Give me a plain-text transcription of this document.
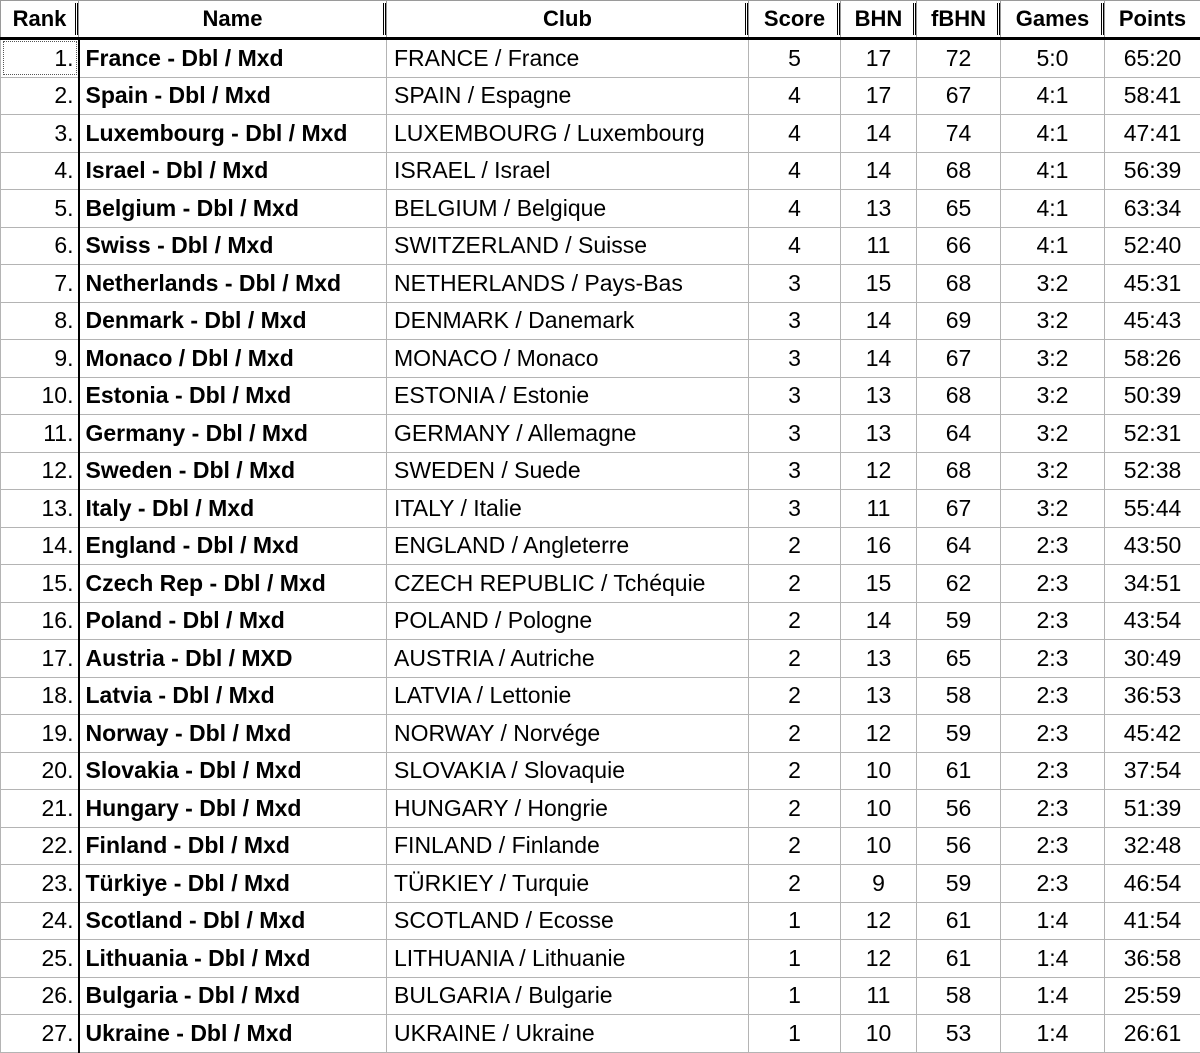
Rank	Name	Club	Score	BHN	fBHN	Games	Points
1.	France - Dbl / Mxd	FRANCE / France	5	17	72	5:0	65:20
2.	Spain - Dbl / Mxd	SPAIN / Espagne	4	17	67	4:1	58:41
3.	Luxembourg - Dbl / Mxd	LUXEMBOURG / Luxembourg	4	14	74	4:1	47:41
4.	Israel - Dbl / Mxd	ISRAEL / Israel	4	14	68	4:1	56:39
5.	Belgium - Dbl / Mxd	BELGIUM / Belgique	4	13	65	4:1	63:34
6.	Swiss - Dbl / Mxd	SWITZERLAND / Suisse	4	11	66	4:1	52:40
7.	Netherlands - Dbl / Mxd	NETHERLANDS / Pays-Bas	3	15	68	3:2	45:31
8.	Denmark - Dbl / Mxd	DENMARK / Danemark	3	14	69	3:2	45:43
9.	Monaco / Dbl / Mxd	MONACO / Monaco	3	14	67	3:2	58:26
10.	Estonia - Dbl / Mxd	ESTONIA / Estonie	3	13	68	3:2	50:39
11.	Germany - Dbl / Mxd	GERMANY / Allemagne	3	13	64	3:2	52:31
12.	Sweden - Dbl / Mxd	SWEDEN / Suede	3	12	68	3:2	52:38
13.	Italy - Dbl / Mxd	ITALY / Italie	3	11	67	3:2	55:44
14.	England - Dbl / Mxd	ENGLAND / Angleterre	2	16	64	2:3	43:50
15.	Czech Rep - Dbl / Mxd	CZECH REPUBLIC / Tchéquie	2	15	62	2:3	34:51
16.	Poland - Dbl / Mxd	POLAND / Pologne	2	14	59	2:3	43:54
17.	Austria - Dbl / MXD	AUSTRIA / Autriche	2	13	65	2:3	30:49
18.	Latvia - Dbl / Mxd	LATVIA / Lettonie	2	13	58	2:3	36:53
19.	Norway - Dbl / Mxd	NORWAY / Norvége	2	12	59	2:3	45:42
20.	Slovakia - Dbl / Mxd	SLOVAKIA / Slovaquie	2	10	61	2:3	37:54
21.	Hungary - Dbl / Mxd	HUNGARY / Hongrie	2	10	56	2:3	51:39
22.	Finland - Dbl / Mxd	FINLAND / Finlande	2	10	56	2:3	32:48
23.	Türkiye - Dbl / Mxd	TÜRKIEY / Turquie	2	9	59	2:3	46:54
24.	Scotland - Dbl / Mxd	SCOTLAND / Ecosse	1	12	61	1:4	41:54
25.	Lithuania - Dbl / Mxd	LITHUANIA / Lithuanie	1	12	61	1:4	36:58
26.	Bulgaria - Dbl / Mxd	BULGARIA / Bulgarie	1	11	58	1:4	25:59
27.	Ukraine - Dbl / Mxd	UKRAINE / Ukraine	1	10	53	1:4	26:61
